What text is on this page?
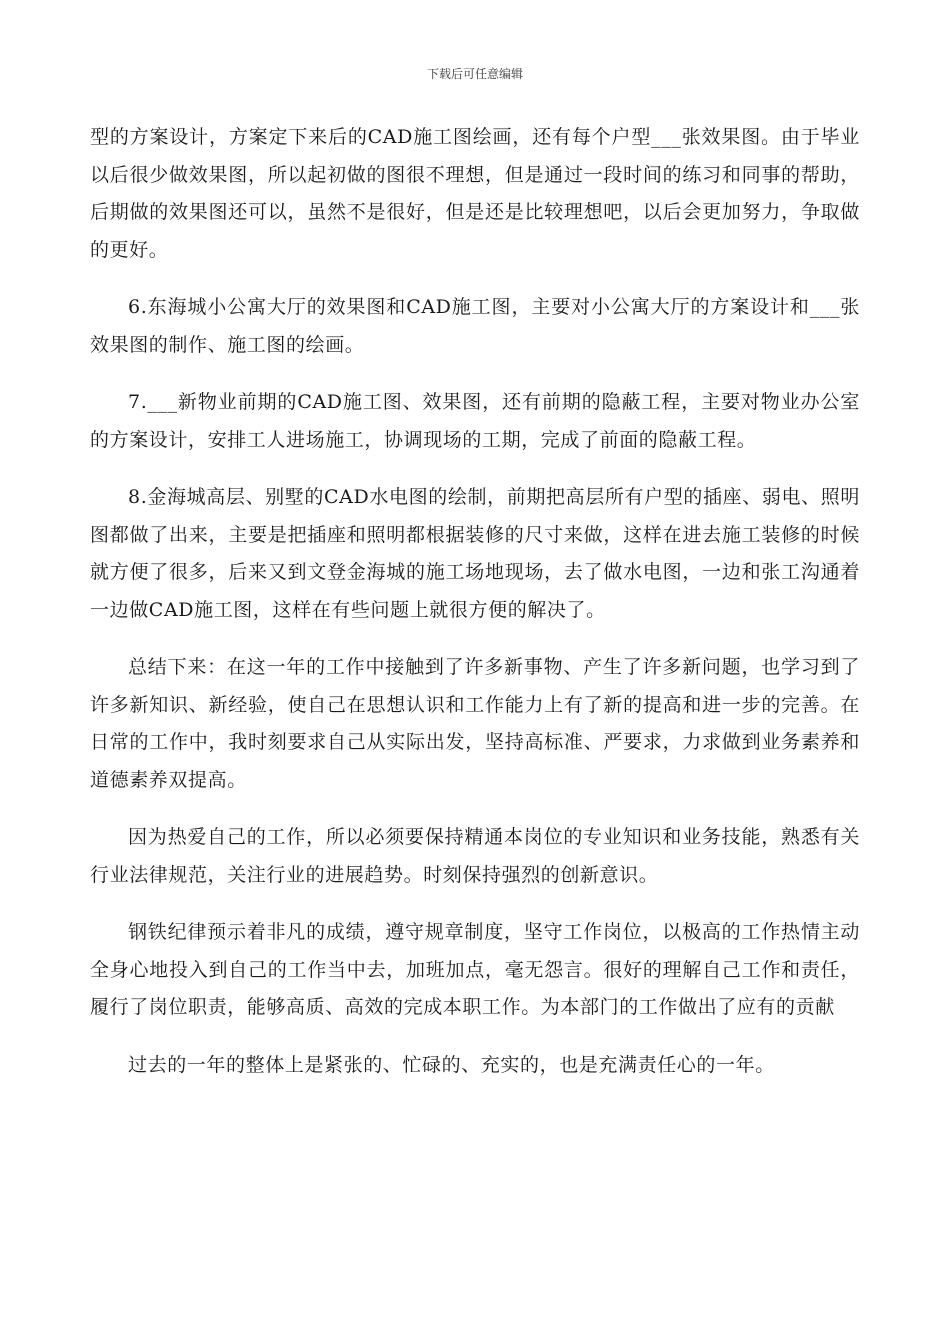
下载后可任意编辑

型的方案设计，方案定下来后的CAD施工图绘画，还有每个户型___张效果图。由于毕业以后很少做效果图，所以起初做的图很不理想，但是通过一段时间的练习和同事的帮助，后期做的效果图还可以，虽然不是很好，但是还是比较理想吧，以后会更加努力，争取做的更好。

6.东海城小公寓大厅的效果图和CAD施工图，主要对小公寓大厅的方案设计和___张效果图的制作、施工图的绘画。

7.___新物业前期的CAD施工图、效果图，还有前期的隐蔽工程，主要对物业办公室的方案设计，安排工人进场施工，协调现场的工期，完成了前面的隐蔽工程。

8.金海城高层、别墅的CAD水电图的绘制，前期把高层所有户型的插座、弱电、照明图都做了出来，主要是把插座和照明都根据装修的尺寸来做，这样在进去施工装修的时候就方便了很多，后来又到文登金海城的施工场地现场，去了做水电图，一边和张工沟通着一边做CAD施工图，这样在有些问题上就很方便的解决了。

总结下来：在这一年的工作中接触到了许多新事物、产生了许多新问题，也学习到了许多新知识、新经验，使自己在思想认识和工作能力上有了新的提高和进一步的完善。在日常的工作中，我时刻要求自己从实际出发，坚持高标准、严要求，力求做到业务素养和道德素养双提高。

因为热爱自己的工作，所以必须要保持精通本岗位的专业知识和业务技能，熟悉有关行业法律规范，关注行业的进展趋势。时刻保持强烈的创新意识。

钢铁纪律预示着非凡的成绩，遵守规章制度，坚守工作岗位，以极高的工作热情主动全身心地投入到自己的工作当中去，加班加点，毫无怨言。很好的理解自己工作和责任，履行了岗位职责，能够高质、高效的完成本职工作。为本部门的工作做出了应有的贡献

过去的一年的整体上是紧张的、忙碌的、充实的，也是充满责任心的一年。
